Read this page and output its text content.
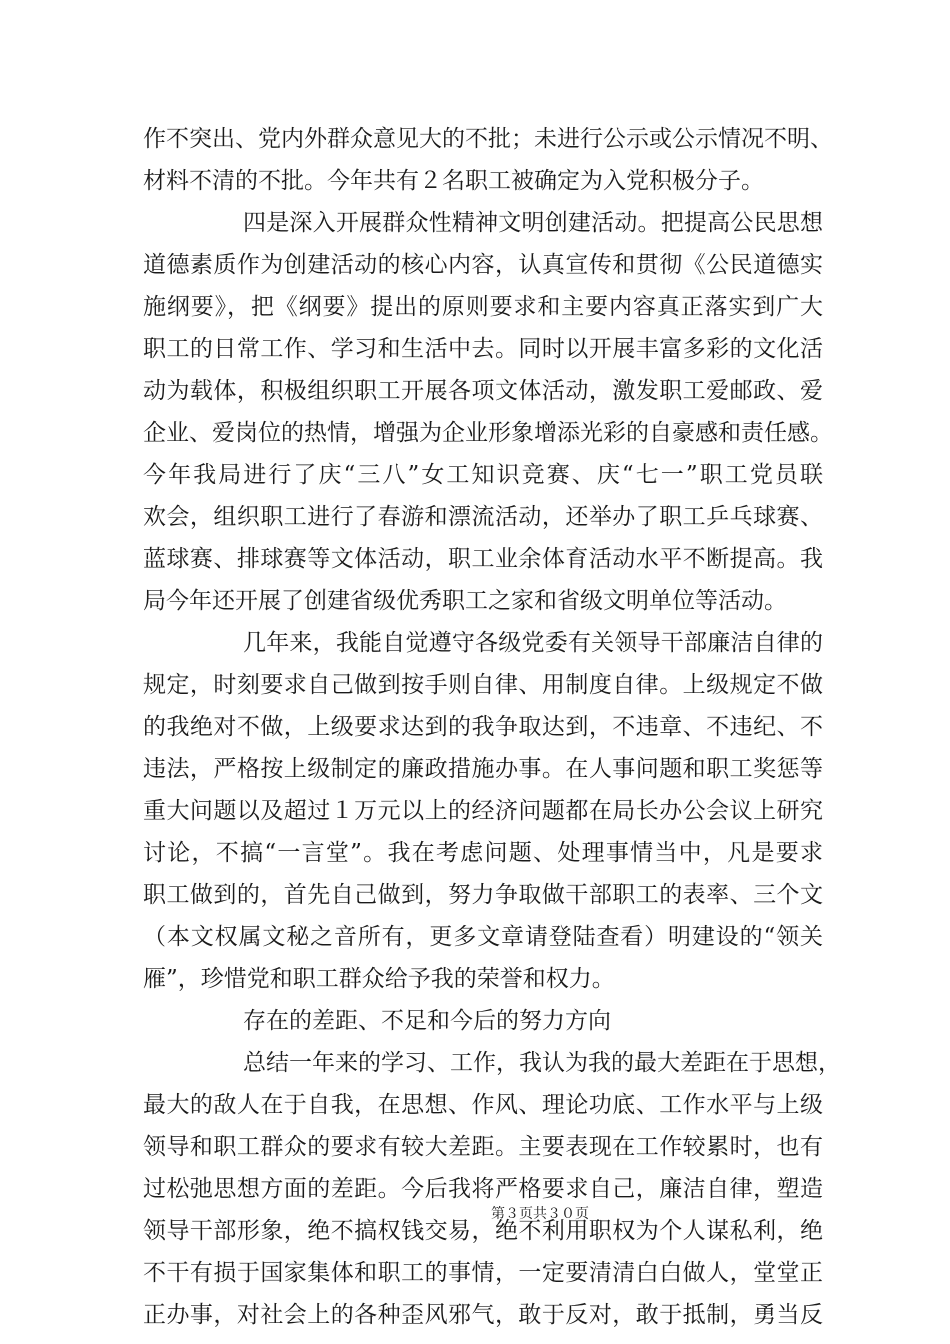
作不突出、党内外群众意见大的不批；未进行公示或公示情况不明、
材料不清的不批。今年共有２名职工被确定为入党积极分子。
四是深入开展群众性精神文明创建活动。把提高公民思想
道德素质作为创建活动的核心内容，认真宣传和贯彻《公民道德实
施纲要》，把《纲要》提出的原则要求和主要内容真正落实到广大
职工的日常工作、学习和生活中去。同时以开展丰富多彩的文化活
动为载体，积极组织职工开展各项文体活动，激发职工爱邮政、爱
企业、爱岗位的热情，增强为企业形象增添光彩的自豪感和责任感。
今年我局进行了庆“三八”女工知识竞赛、庆“七一”职工党员联
欢会，组织职工进行了春游和漂流活动，还举办了职工乒乓球赛、
蓝球赛、排球赛等文体活动，职工业余体育活动水平不断提高。我
局今年还开展了创建省级优秀职工之家和省级文明单位等活动。
几年来，我能自觉遵守各级党委有关领导干部廉洁自律的
规定，时刻要求自己做到按手则自律、用制度自律。上级规定不做
的我绝对不做，上级要求达到的我争取达到，不违章、不违纪、不
违法，严格按上级制定的廉政措施办事。在人事问题和职工奖惩等
重大问题以及超过１万元以上的经济问题都在局长办公会议上研究
讨论，不搞“一言堂”。我在考虑问题、处理事情当中，凡是要求
职工做到的，首先自己做到，努力争取做干部职工的表率、三个文
（本文权属文秘之音所有，更多文章请登陆查看）明建设的“领关
雁”，珍惜党和职工群众给予我的荣誉和权力。
存在的差距、不足和今后的努力方向
总结一年来的学习、工作，我认为我的最大差距在于思想，
最大的敌人在于自我，在思想、作风、理论功底、工作水平与上级
领导和职工群众的要求有较大差距。主要表现在工作较累时，也有
过松弛思想方面的差距。今后我将严格要求自己，廉洁自律，塑造
领导干部形象，绝不搞权钱交易，绝不利用职权为个人谋私利，绝
不干有损于国家集体和职工的事情，一定要清清白白做人，堂堂正
正办事，对社会上的各种歪风邪气，敢于反对，敢于抵制，勇当反
第３页共３０页
